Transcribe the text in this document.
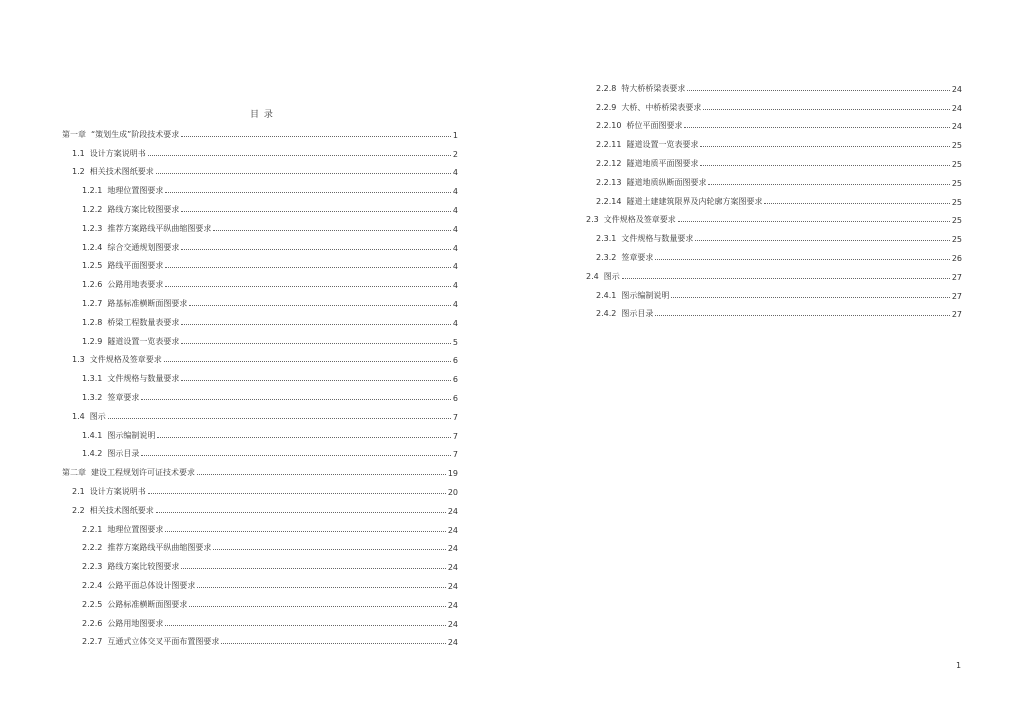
目 录
第一章 “策划生成”阶段技术要求	1
1.1 设计方案说明书	2
1.2 相关技术图纸要求	4
1.2.1 地理位置图要求	4
1.2.2 路线方案比较图要求	4
1.2.3 推荐方案路线平纵曲缩图要求	4
1.2.4 综合交通规划图要求	4
1.2.5 路线平面图要求	4
1.2.6 公路用地表要求	4
1.2.7 路基标准横断面图要求	4
1.2.8 桥梁工程数量表要求	4
1.2.9 隧道设置一览表要求	5
1.3 文件规格及签章要求	6
1.3.1 文件规格与数量要求	6
1.3.2 签章要求	6
1.4 图示	7
1.4.1 图示编制说明	7
1.4.2 图示目录	7
第二章 建设工程规划许可证技术要求	19
2.1 设计方案说明书	20
2.2 相关技术图纸要求	24
2.2.1 地理位置图要求	24
2.2.2 推荐方案路线平纵曲缩图要求	24
2.2.3 路线方案比较图要求	24
2.2.4 公路平面总体设计图要求	24
2.2.5 公路标准横断面图要求	24
2.2.6 公路用地图要求	24
2.2.7 互通式立体交叉平面布置图要求	24
2.2.8 特大桥桥梁表要求	24
2.2.9 大桥、中桥桥梁表要求	24
2.2.10 桥位平面图要求	24
2.2.11 隧道设置一览表要求	25
2.2.12 隧道地质平面图要求	25
2.2.13 隧道地质纵断面图要求	25
2.2.14 隧道土建建筑限界及内轮廓方案图要求	25
2.3 文件规格及签章要求	25
2.3.1 文件规格与数量要求	25
2.3.2 签章要求	26
2.4 图示	27
2.4.1 图示编制说明	27
2.4.2 图示目录	27
1
